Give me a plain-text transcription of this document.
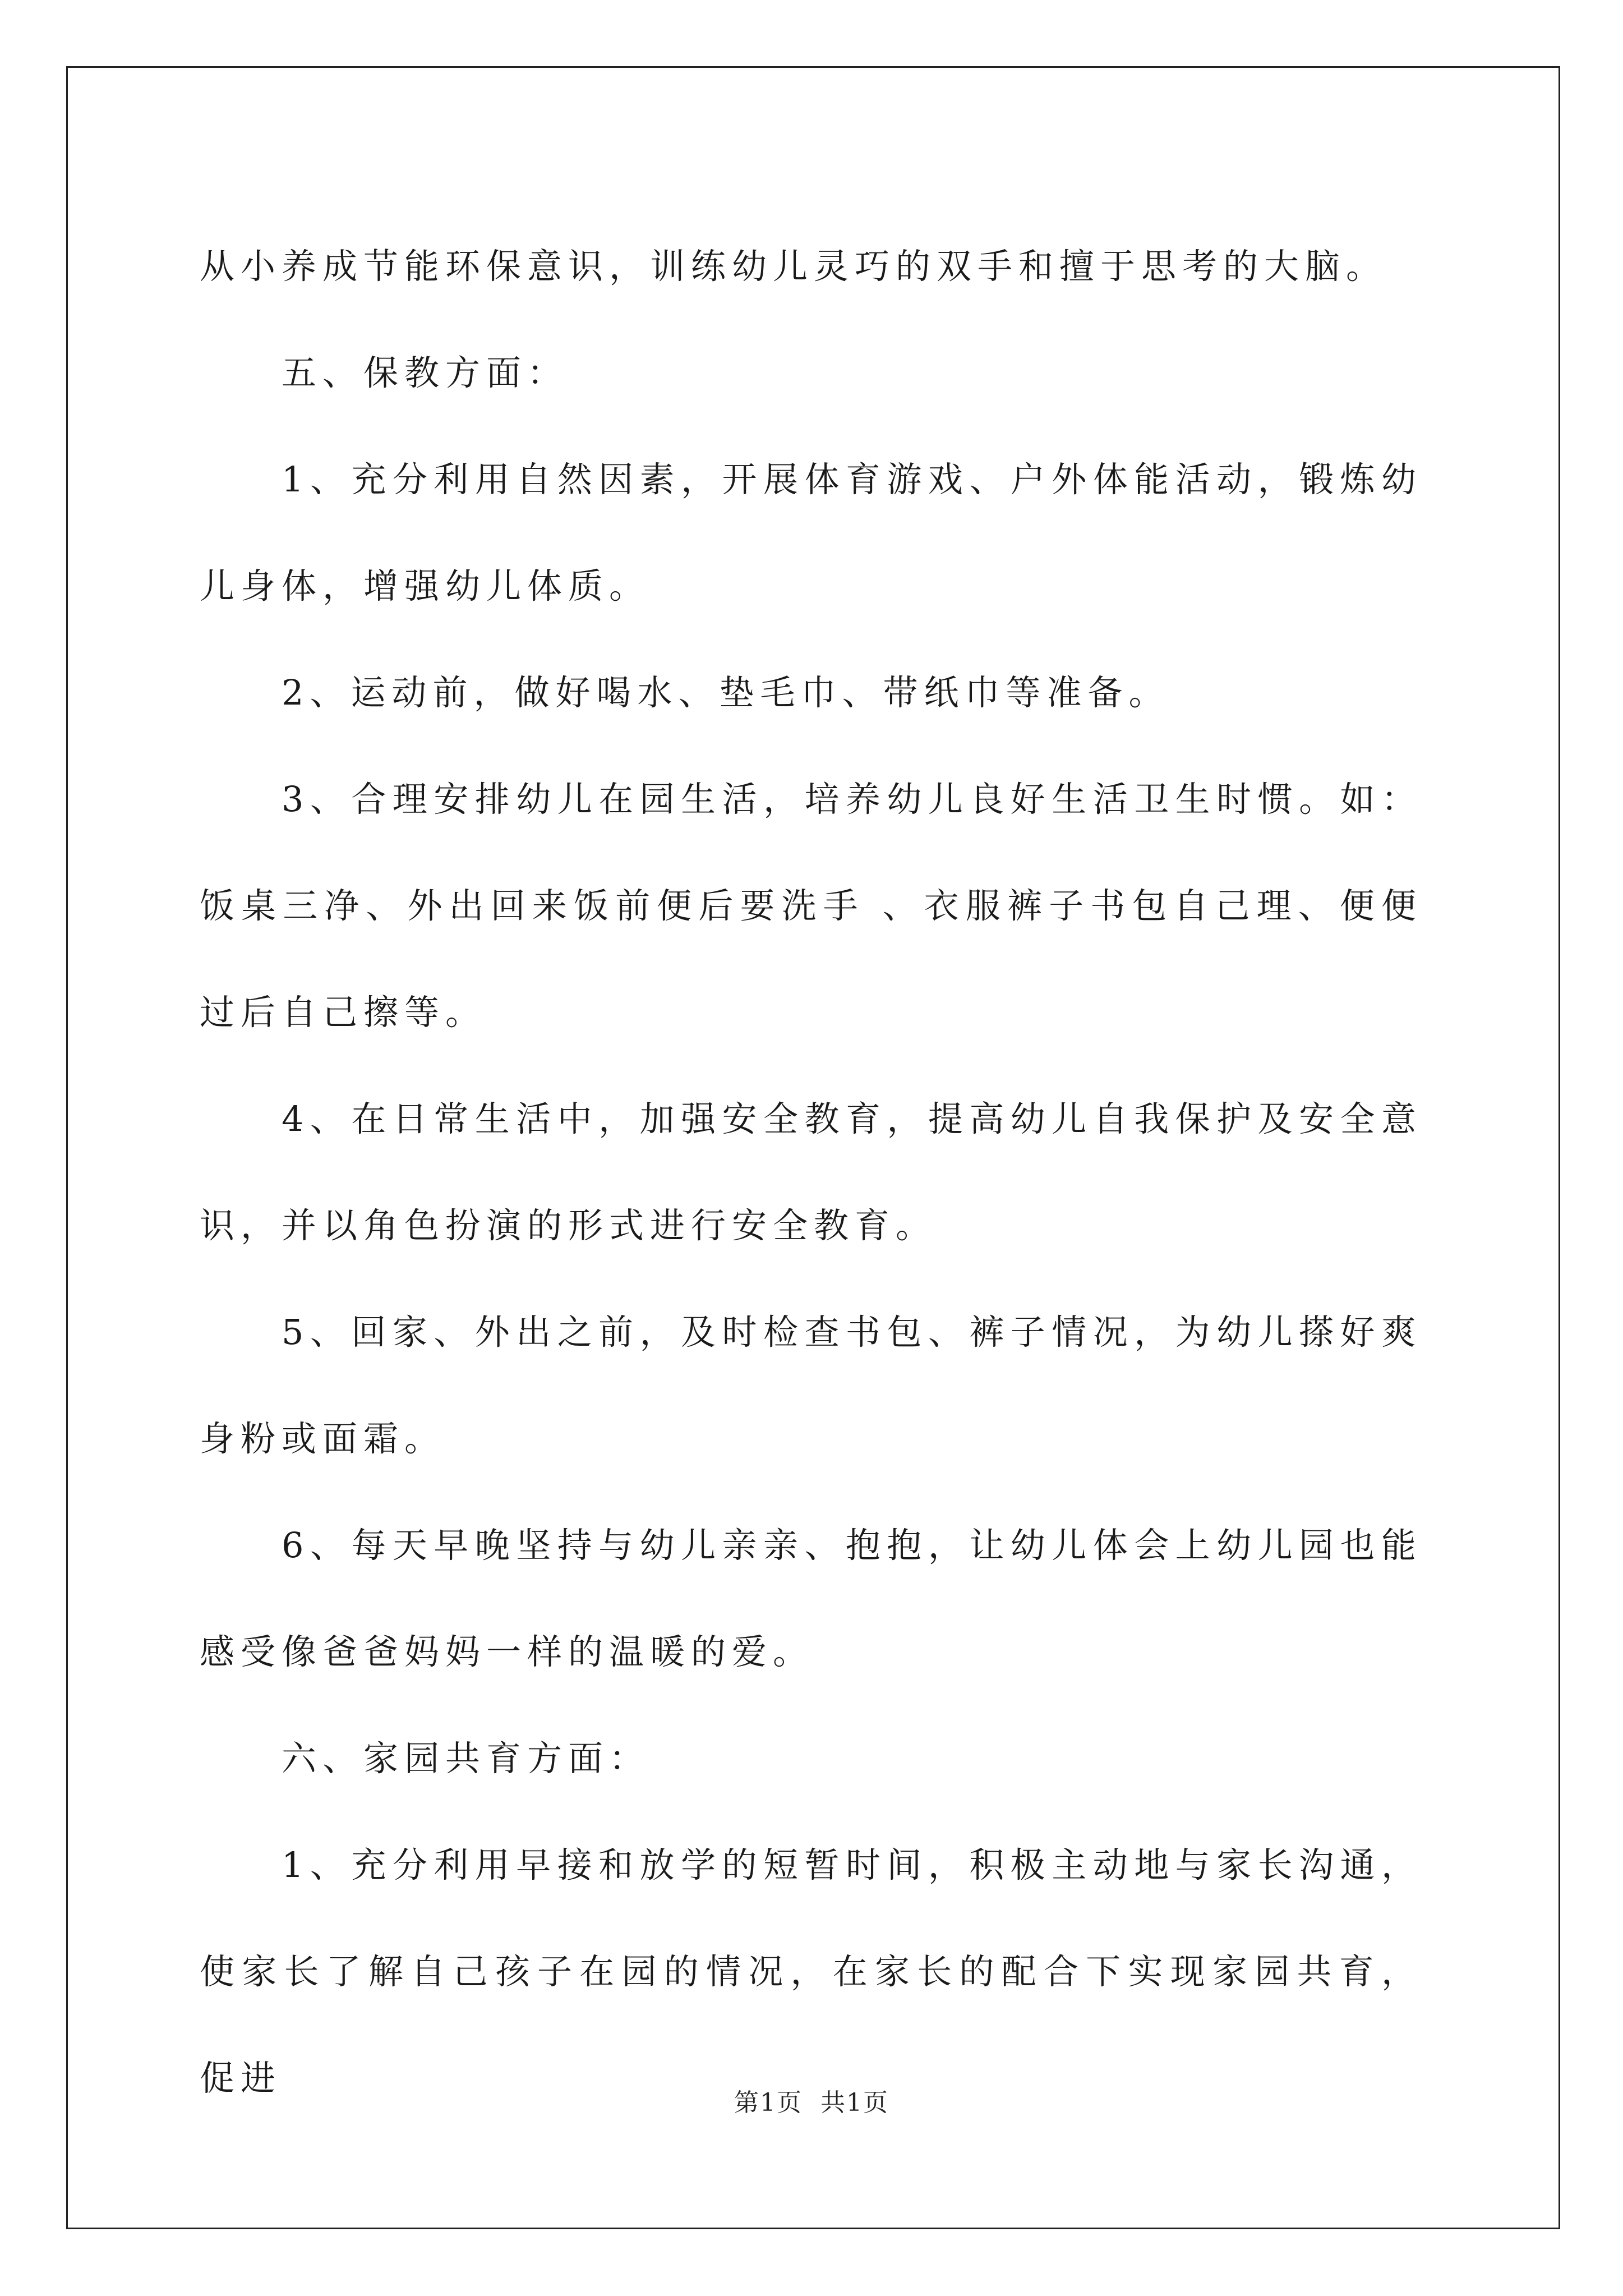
从小养成节能环保意识，训练幼儿灵巧的双手和擅于思考的大脑。

五、保教方面：

1、充分利用自然因素，开展体育游戏、户外体能活动，锻炼幼儿身体，增强幼儿体质。

2、运动前，做好喝水、垫毛巾、带纸巾等准备。

3、合理安排幼儿在园生活，培养幼儿良好生活卫生时惯。如：饭桌三净、外出回来饭前便后要洗手 、衣服裤子书包自己理、便便过后自己擦等。

4、在日常生活中，加强安全教育，提高幼儿自我保护及安全意识，并以角色扮演的形式进行安全教育。

5、回家、外出之前，及时检查书包、裤子情况，为幼儿搽好爽身粉或面霜。

6、每天早晚坚持与幼儿亲亲、抱抱，让幼儿体会上幼儿园也能感受像爸爸妈妈一样的温暖的爱。

六、家园共育方面：

1、充分利用早接和放学的短暂时间，积极主动地与家长沟通，使家长了解自己孩子在园的情况，在家长的配合下实现家园共育，促进

第1页 共1页
